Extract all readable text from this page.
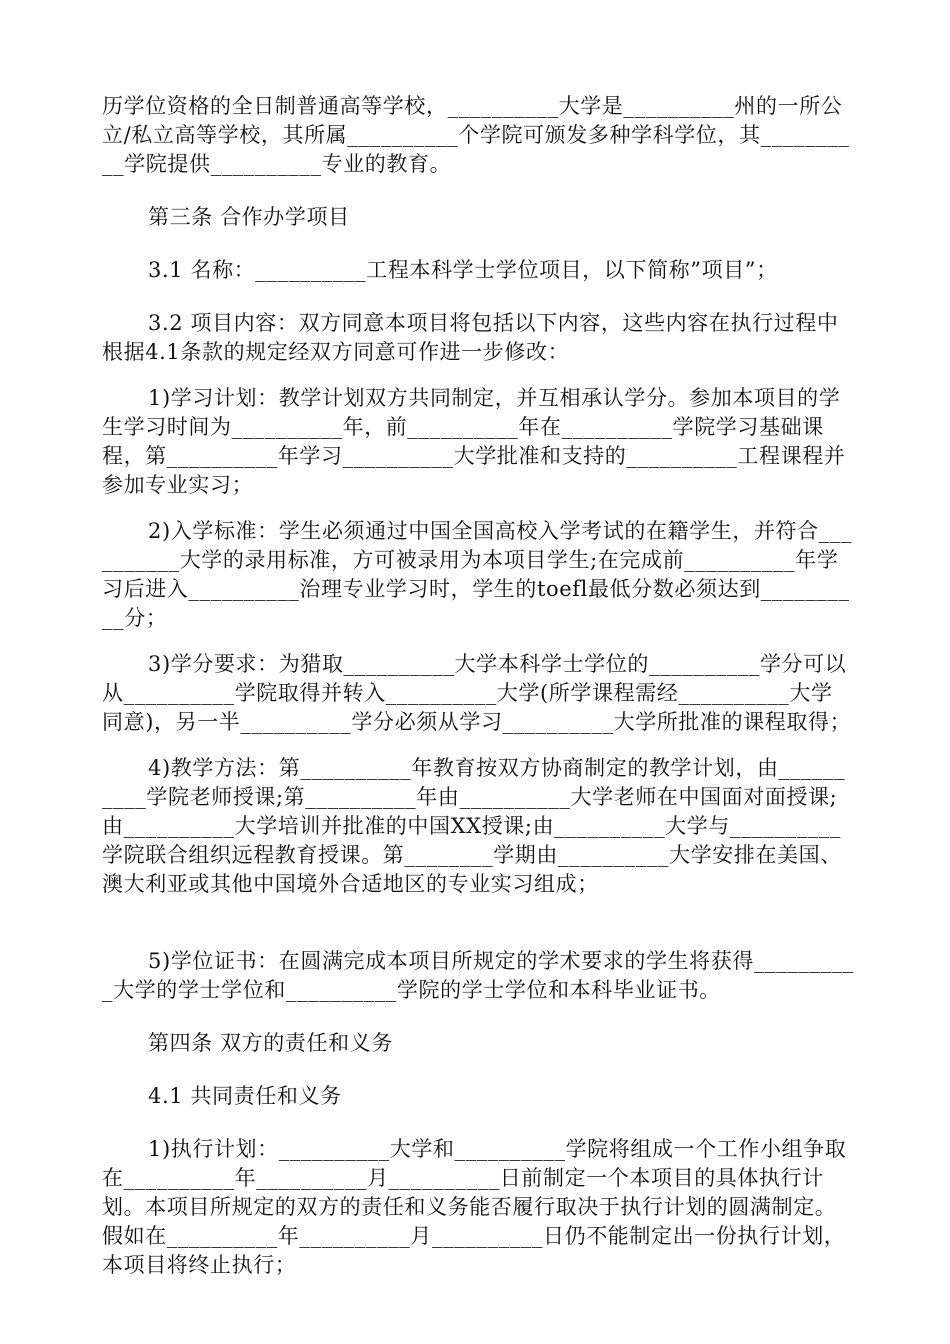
历学位资格的全日制普通高等学校，__________大学是__________州的一所公立/私立高等学校，其所属__________个学院可颁发多种学科学位，其__________学院提供__________专业的教育。

第三条 合作办学项目

3.1 名称：__________工程本科学士学位项目，以下简称”项目”；

3.2 项目内容：双方同意本项目将包括以下内容，这些内容在执行过程中根据4.1条款的规定经双方同意可作进一步修改：

1)学习计划：教学计划双方共同制定，并互相承认学分。参加本项目的学生学习时间为__________年，前__________年在__________学院学习基础课程，第__________年学习__________大学批准和支持的__________工程课程并参加专业实习；

2)入学标准：学生必须通过中国全国高校入学考试的在籍学生，并符合__________大学的录用标准，方可被录用为本项目学生;在完成前__________年学习后进入__________治理专业学习时，学生的toefl最低分数必须达到__________分；

3)学分要求：为猎取__________大学本科学士学位的__________学分可以从__________学院取得并转入__________大学(所学课程需经__________大学同意)，另一半__________学分必须从学习__________大学所批准的课程取得；

4)教学方法：第__________年教育按双方协商制定的教学计划，由__________学院老师授课;第__________年由__________大学老师在中国面对面授课;由__________大学培训并批准的中国XX授课;由__________大学与__________学院联合组织远程教育授课。第________学期由__________大学安排在美国、澳大利亚或其他中国境外合适地区的专业实习组成；

5)学位证书：在圆满完成本项目所规定的学术要求的学生将获得__________大学的学士学位和__________学院的学士学位和本科毕业证书。

第四条 双方的责任和义务

4.1 共同责任和义务

1)执行计划：__________大学和__________学院将组成一个工作小组争取在__________年__________月__________日前制定一个本项目的具体执行计划。本项目所规定的双方的责任和义务能否履行取决于执行计划的圆满制定。假如在__________年__________月__________日仍不能制定出一份执行计划，本项目将终止执行；
